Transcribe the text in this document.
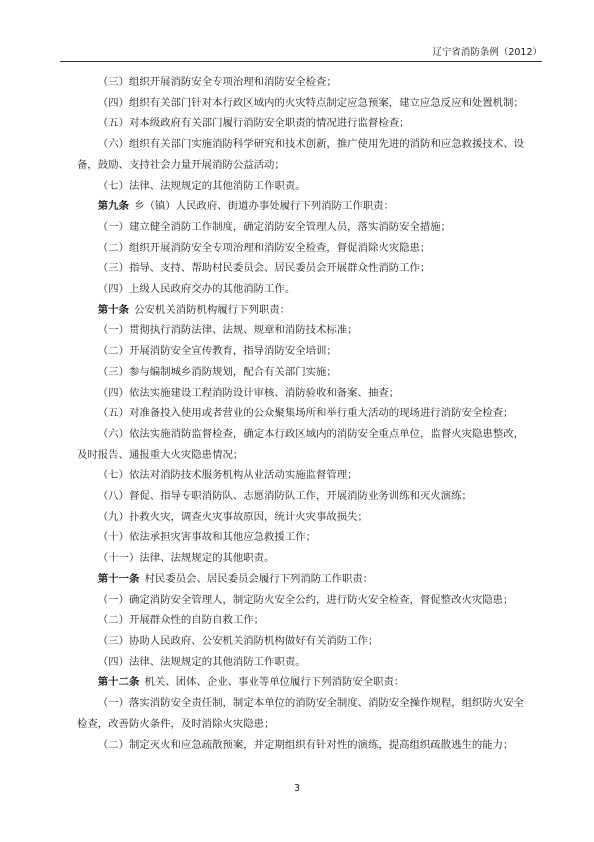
辽宁省消防条例（2012）
（三）组织开展消防安全专项治理和消防安全检查；
（四）组织有关部门针对本行政区域内的火灾特点制定应急预案，建立应急反应和处置机制；
（五）对本级政府有关部门履行消防安全职责的情况进行监督检查；
（六）组织有关部门实施消防科学研究和技术创新，推广使用先进的消防和应急救援技术、设备，鼓励、支持社会力量开展消防公益活动；
（七）法律、法规规定的其他消防工作职责。
第九条 乡（镇）人民政府、街道办事处履行下列消防工作职责：
（一）建立健全消防工作制度，确定消防安全管理人员，落实消防安全措施；
（二）组织开展消防安全专项治理和消防安全检查，督促消除火灾隐患；
（三）指导、支持、帮助村民委员会、居民委员会开展群众性消防工作；
（四）上级人民政府交办的其他消防工作。
第十条 公安机关消防机构履行下列职责：
（一）贯彻执行消防法律、法规、规章和消防技术标准；
（二）开展消防安全宣传教育，指导消防安全培训；
（三）参与编制城乡消防规划，配合有关部门实施；
（四）依法实施建设工程消防设计审核、消防验收和备案、抽查；
（五）对准备投入使用或者营业的公众聚集场所和举行重大活动的现场进行消防安全检查；
（六）依法实施消防监督检查，确定本行政区域内的消防安全重点单位，监督火灾隐患整改，及时报告、通报重大火灾隐患情况；
（七）依法对消防技术服务机构从业活动实施监督管理；
（八）督促、指导专职消防队、志愿消防队工作，开展消防业务训练和灭火演练；
（九）扑救火灾，调查火灾事故原因，统计火灾事故损失；
（十）依法承担灾害事故和其他应急救援工作；
（十一）法律、法规规定的其他职责。
第十一条 村民委员会、居民委员会履行下列消防工作职责：
（一）确定消防安全管理人，制定防火安全公约，进行防火安全检查，督促整改火灾隐患；
（二）开展群众性的自防自救工作；
（三）协助人民政府、公安机关消防机构做好有关消防工作；
（四）法律、法规规定的其他消防工作职责。
第十二条 机关、团体、企业、事业等单位履行下列消防安全职责：
（一）落实消防安全责任制，制定本单位的消防安全制度、消防安全操作规程，组织防火安全检查，改善防火条件，及时消除火灾隐患；
（二）制定灭火和应急疏散预案，并定期组织有针对性的演练，提高组织疏散逃生的能力；
3
